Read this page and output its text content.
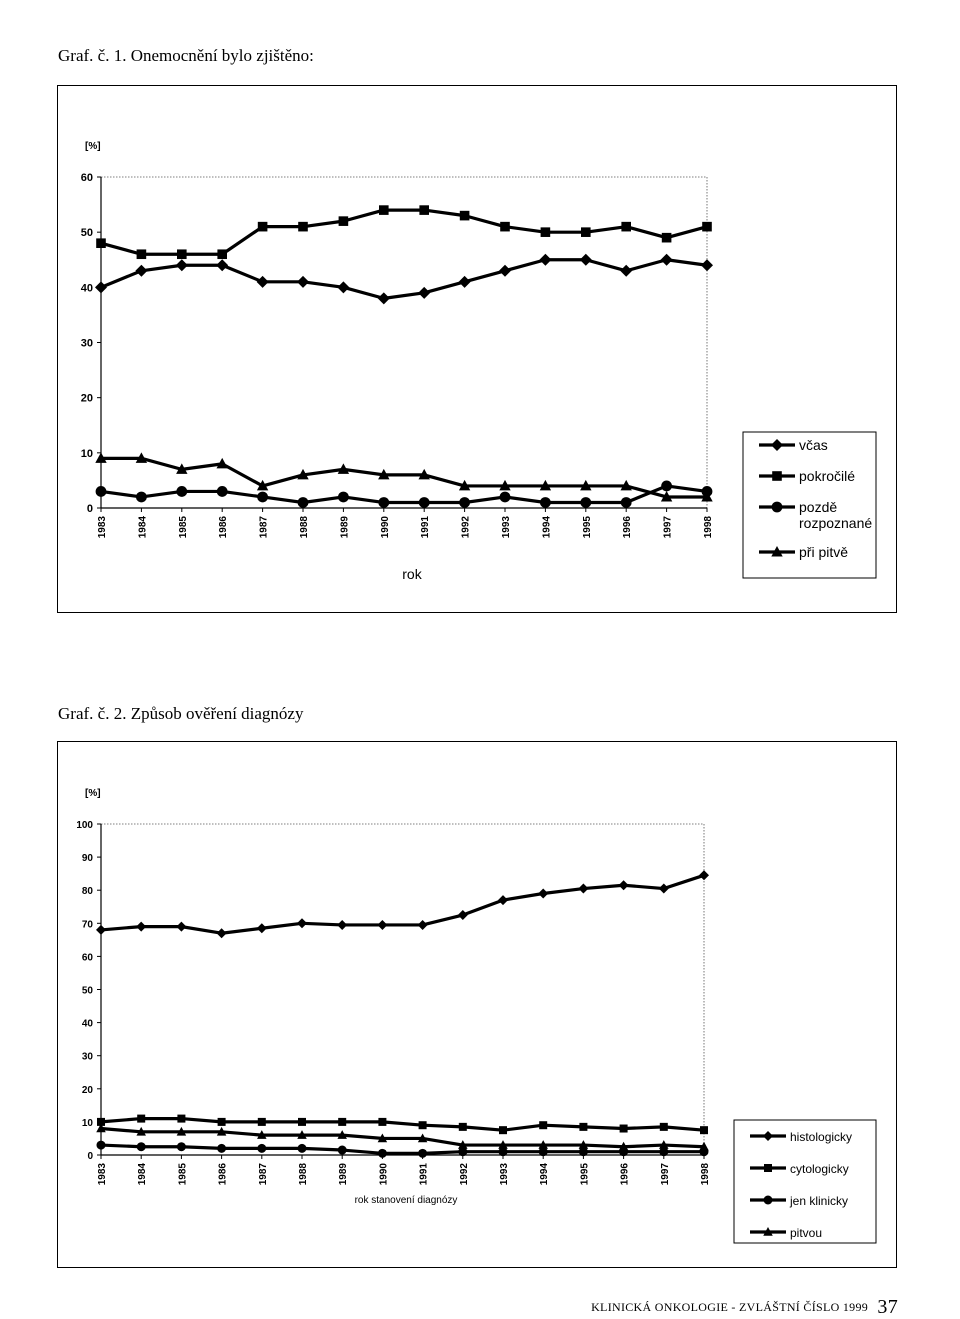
Graf. č. 1. Onemocnění bylo zjištěno:
[%]
0
10
20
30
40
50
60
1983	1984	1985	1986	1987	1988	1989	1990	1991	1992	1993	1994	1995	1996	1997	1998
rok
včas
pokročilé
pozdě
rozpoznané
při pitvě
Graf. č. 2. Způsob ověření diagnózy
[%]
0
10
20
30
40
50
60
70
80
90
100
1983	1984	1985	1986	1987	1988	1989	1990	1991	1992	1993	1994	1995	1996	1997	1998
rok stanovení diagnózy
histologicky
cytologicky
jen klinicky
pitvou
KLINICKÁ ONKOLOGIE - ZVLÁŠTNÍ ČÍSLO 1999 37
